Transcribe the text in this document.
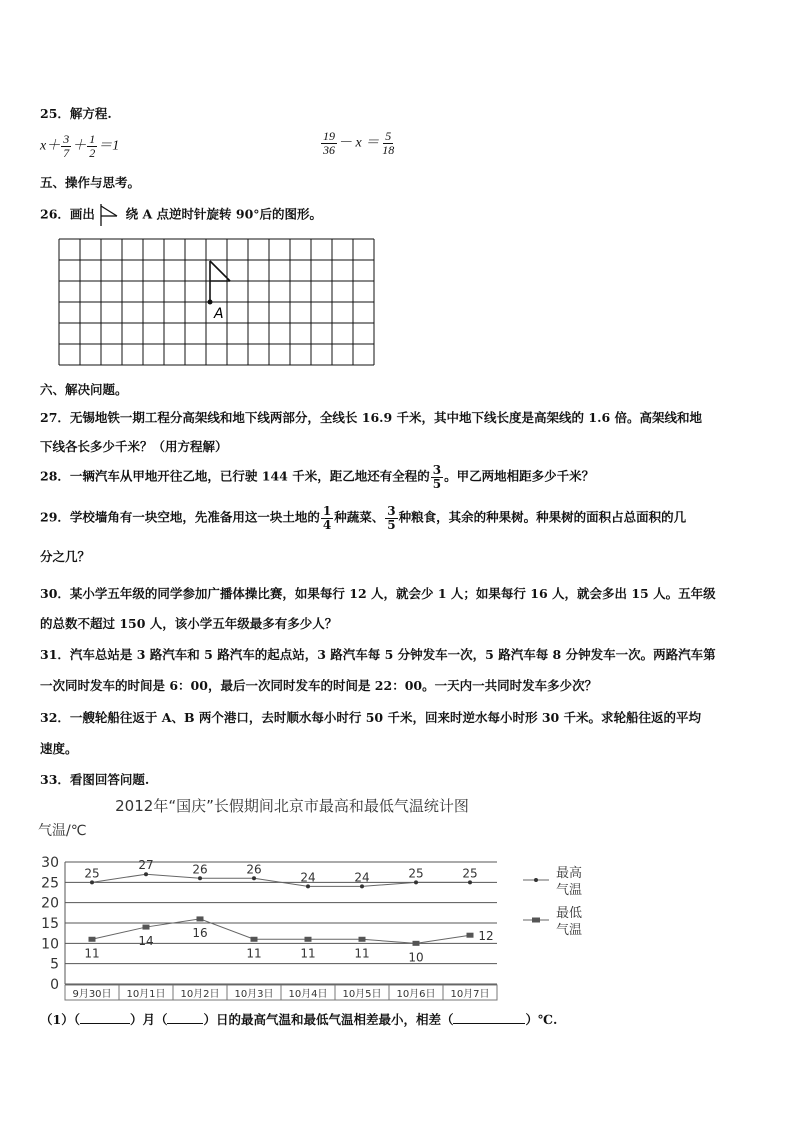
25．解方程.
$x+ \frac{3}{7} + \frac{1}{2} =1$	$\frac{19}{36} - x = \frac{5}{18}$
五、操作与思考。
26．画出 绕 A 点逆时针旋转 90°后的图形。
A
六、解决问题。
27．无锡地铁一期工程分高架线和地下线两部分，全线长 16.9 千米，其中地下线长度是高架线的 1.6 倍。高架线和地
下线各长多少千米？（用方程解）
28．一辆汽车从甲地开往乙地，已行驶 144 千米，距乙地还有全程的 $\frac{3}{5}$ 。甲乙两地相距多少千米？
29．学校墙角有一块空地，先准备用这一块土地的 $\frac{1}{4}$ 种蔬菜、 $\frac{3}{5}$ 种粮食，其余的种果树。种果树的面积占总面积的几
分之几？
30．某小学五年级的同学参加广播体操比赛，如果每行 12 人，就会少 1 人；如果每行 16 人，就会多出 15 人。五年级
的总数不超过 150 人，该小学五年级最多有多少人？
31．汽车总站是 3 路汽车和 5 路汽车的起点站，3 路汽车每 5 分钟发车一次，5 路汽车每 8 分钟发车一次。两路汽车第
一次同时发车的时间是 6：00，最后一次同时发车的时间是 22：00。一天内一共同时发车多少次？
32．一艘轮船往返于 A、B 两个港口，去时顺水每小时行 50 千米，回来时逆水每小时形 30 千米。求轮船往返的平均
速度。
33．看图回答问题.
2012年“国庆”长假期间北京市最高和最低气温统计图
气温/℃
0
5
10
15
20
25
30
9月30日 10月1日 10月2日 10月3日 10月4日 10月5日 10月6日 10月7日
25
27	26	26
24	24	25	25
11
14
16
11	11	11	10
12
最高
气温
最低
气温
（1）（	）月（	）日的最高气温和最低气温相差最小，相差（	）℃.
